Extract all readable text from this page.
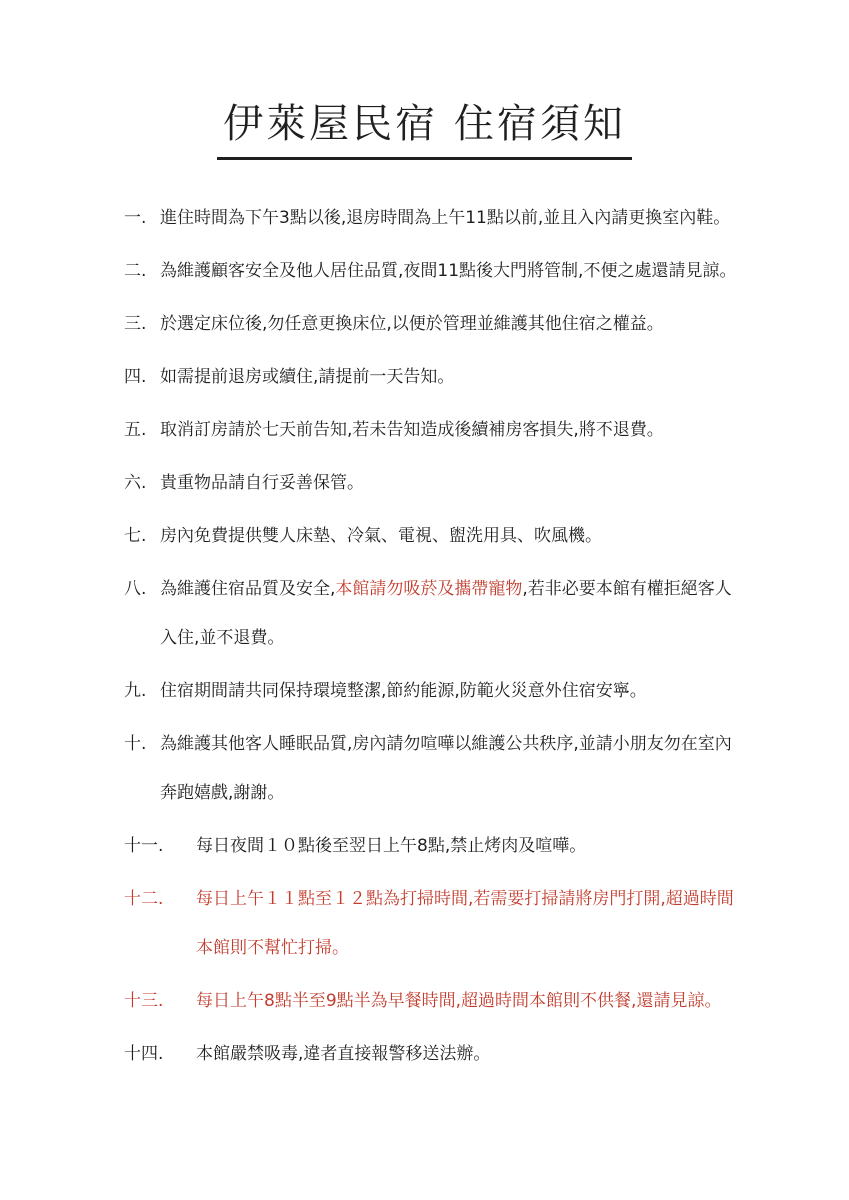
伊萊屋民宿 住宿須知
一. 進住時間為下午3點以後,退房時間為上午11點以前,並且入內請更換室內鞋。
二. 為維護顧客安全及他人居住品質,夜間11點後大門將管制,不便之處還請見諒。
三. 於選定床位後,勿任意更換床位,以便於管理並維護其他住宿之權益。
四. 如需提前退房或續住,請提前一天告知。
五. 取消訂房請於七天前告知,若未告知造成後續補房客損失,將不退費。
六. 貴重物品請自行妥善保管。
七. 房內免費提供雙人床墊、冷氣、電視、盥洗用具、吹風機。
八. 為維護住宿品質及安全,本館請勿吸菸及攜帶寵物,若非必要本館有權拒絕客人入住,並不退費。
九. 住宿期間請共同保持環境整潔,節約能源,防範火災意外住宿安寧。
十. 為維護其他客人睡眠品質,房內請勿喧嘩以維護公共秩序,並請小朋友勿在室內奔跑嬉戲,謝謝。
十一.	每日夜間１０點後至翌日上午8點,禁止烤肉及喧嘩。
十二.	每日上午１１點至１２點為打掃時間,若需要打掃請將房門打開,超過時間本館則不幫忙打掃。
十三.	每日上午8點半至9點半為早餐時間,超過時間本館則不供餐,還請見諒。
十四.	本館嚴禁吸毒,違者直接報警移送法辦。
